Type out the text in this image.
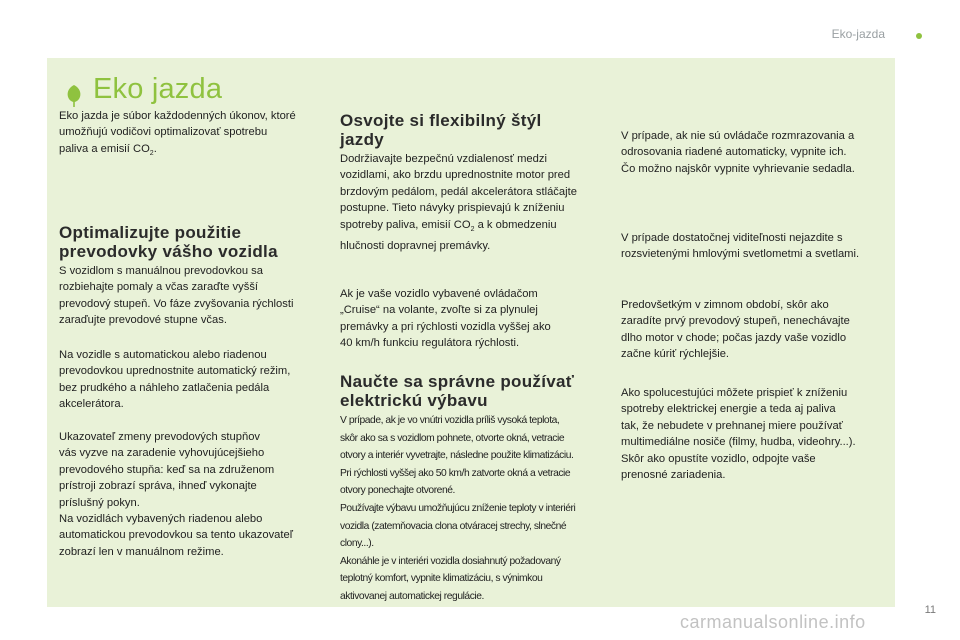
Eko-jazda
Eko jazda

Eko jazda je súbor každodenných úkonov, ktoré

umožňujú vodičovi optimalizovať spotrebu

paliva a emisií $CO_2$.

Optimalizujte použitie
prevodovky vášho vozidla

S vozidlom s manuálnou prevodovkou sa

rozbiehajte pomaly a včas zaraďte vyšší

prevodový stupeň. Vo fáze zvyšovania rýchlosti

zaraďujte prevodové stupne včas.

Na vozidle s automatickou alebo riadenou

prevodovkou uprednostnite automatický režim,

bez prudkého a náhleho zatlačenia pedála

akcelerátora.

Ukazovateľ zmeny prevodových stupňov

vás vyzve na zaradenie vyhovujúcejšieho

prevodového stupňa: keď sa na združenom

prístroji zobrazí správa, ihneď vykonajte

príslušný pokyn.

Na vozidlách vybavených riadenou alebo

automatickou prevodovkou sa tento ukazovateľ

zobrazí len v manuálnom režime.

Osvojte si flexibilný štýl
jazdy

Dodržiavajte bezpečnú vzdialenosť medzi

vozidlami, ako brzdu uprednostnite motor pred

brzdovým pedálom, pedál akcelerátora stláčajte

postupne. Tieto návyky prispievajú k zníženiu

spotreby paliva, emisií $CO_2$ a k obmedzeniu

hlučnosti dopravnej premávky.

Ak je vaše vozidlo vybavené ovládačom

„Cruise“ na volante, zvoľte si za plynulej

premávky a pri rýchlosti vozidla vyššej ako

40 km/h funkciu regulátora rýchlosti.

Naučte sa správne používať
elektrickú výbavu

V prípade, ak je vo vnútri vozidla príliš vysoká teplota,

skôr ako sa s vozidlom pohnete, otvorte okná, vetracie

otvory a interiér vyvetrajte, následne použite klimatizáciu.

Pri rýchlosti vyššej ako 50 km/h zatvorte okná a vetracie

otvory ponechajte otvorené.

Používajte výbavu umožňujúcu zníženie teploty v interiéri

vozidla (zatemňovacia clona otváracej strechy, slnečné

clony...).

Akonáhle je v interiéri vozidla dosiahnutý požadovaný

teplotný komfort, vypnite klimatizáciu, s výnimkou

aktivovanej automatickej regulácie.

V prípade, ak nie sú ovládače rozmrazovania a

odrosovania riadené automaticky, vypnite ich.

Čo možno najskôr vypnite vyhrievanie sedadla.

V prípade dostatočnej viditeľnosti nejazdite s

rozsvietenými hmlovými svetlometmi a svetlami.

Predovšetkým v zimnom období, skôr ako

zaradíte prvý prevodový stupeň, nenechávajte

dlho motor v chode; počas jazdy vaše vozidlo

začne kúriť rýchlejšie.

Ako spolucestujúci môžete prispieť k zníženiu

spotreby elektrickej energie a teda aj paliva

tak, že nebudete v prehnanej miere používať

multimediálne nosiče (filmy, hudba, videohry...).

Skôr ako opustíte vozidlo, odpojte vaše

prenosné zariadenia.

11
carmanualsonline.info
